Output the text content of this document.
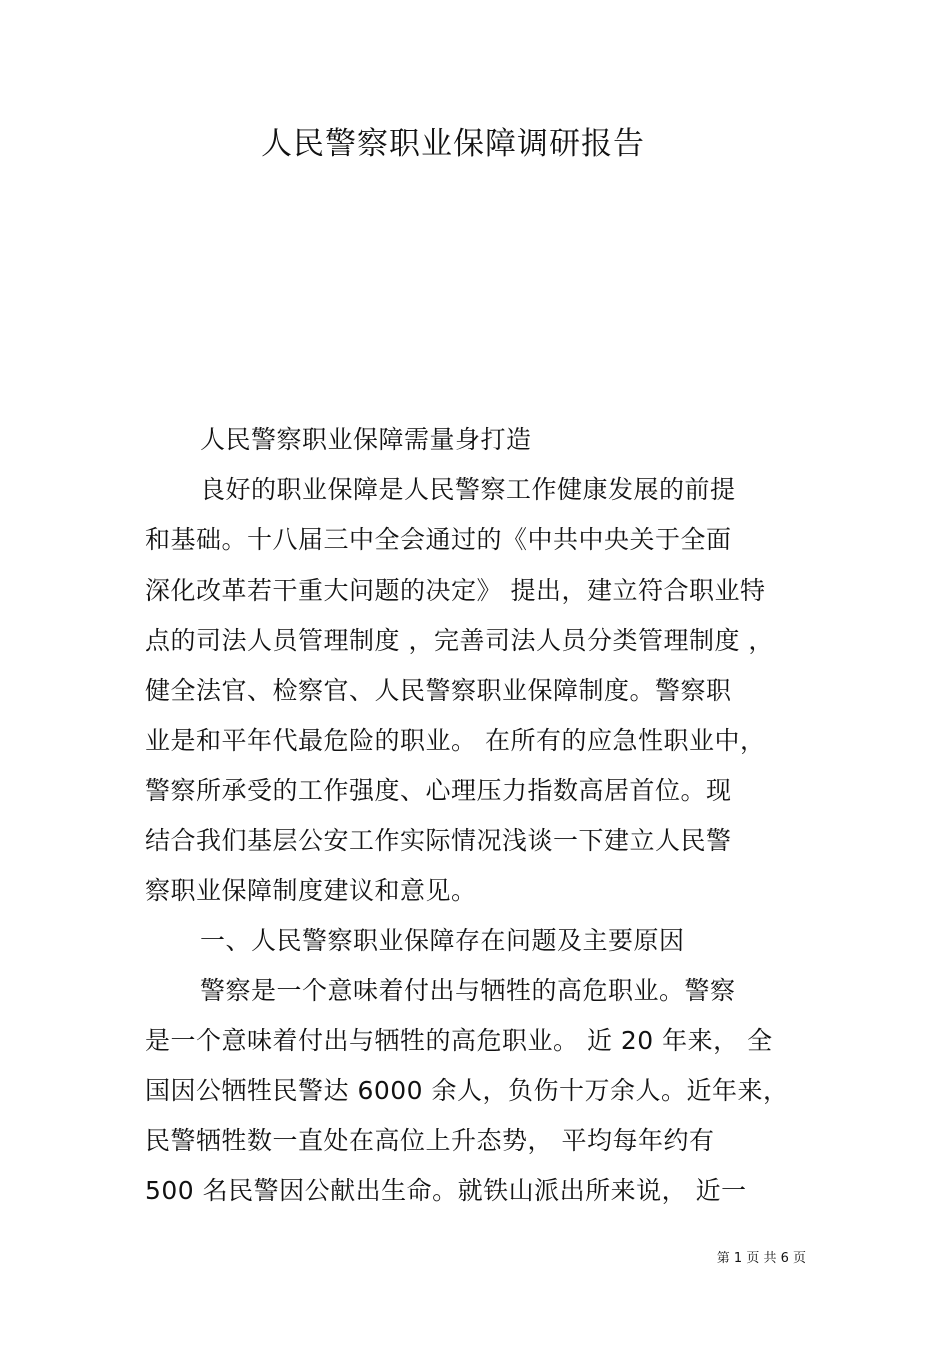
人民警察职业保障调研报告
人民警察职业保障需量身打造
良好的职业保障是人民警察工作健康发展的前提
和基础。十八届三中全会通过的《中共中央关于全面
深化改革若干重大问题的决定》 提出，建立符合职业特
点的司法人员管理制度 ，完善司法人员分类管理制度 ，
健全法官、检察官、人民警察职业保障制度。警察职
业是和平年代最危险的职业。 在所有的应急性职业中，
警察所承受的工作强度、心理压力指数高居首位。现
结合我们基层公安工作实际情况浅谈一下建立人民警
察职业保障制度建议和意见。
一、人民警察职业保障存在问题及主要原因
警察是一个意味着付出与牺牲的高危职业。警察
是一个意味着付出与牺牲的高危职业。 近 20 年来， 全
国因公牺牲民警达 6000 余人，负伤十万余人。近年来，
民警牺牲数一直处在高位上升态势， 平均每年约有
500 名民警因公献出生命。就铁山派出所来说， 近一
第 1 页 共 6 页
